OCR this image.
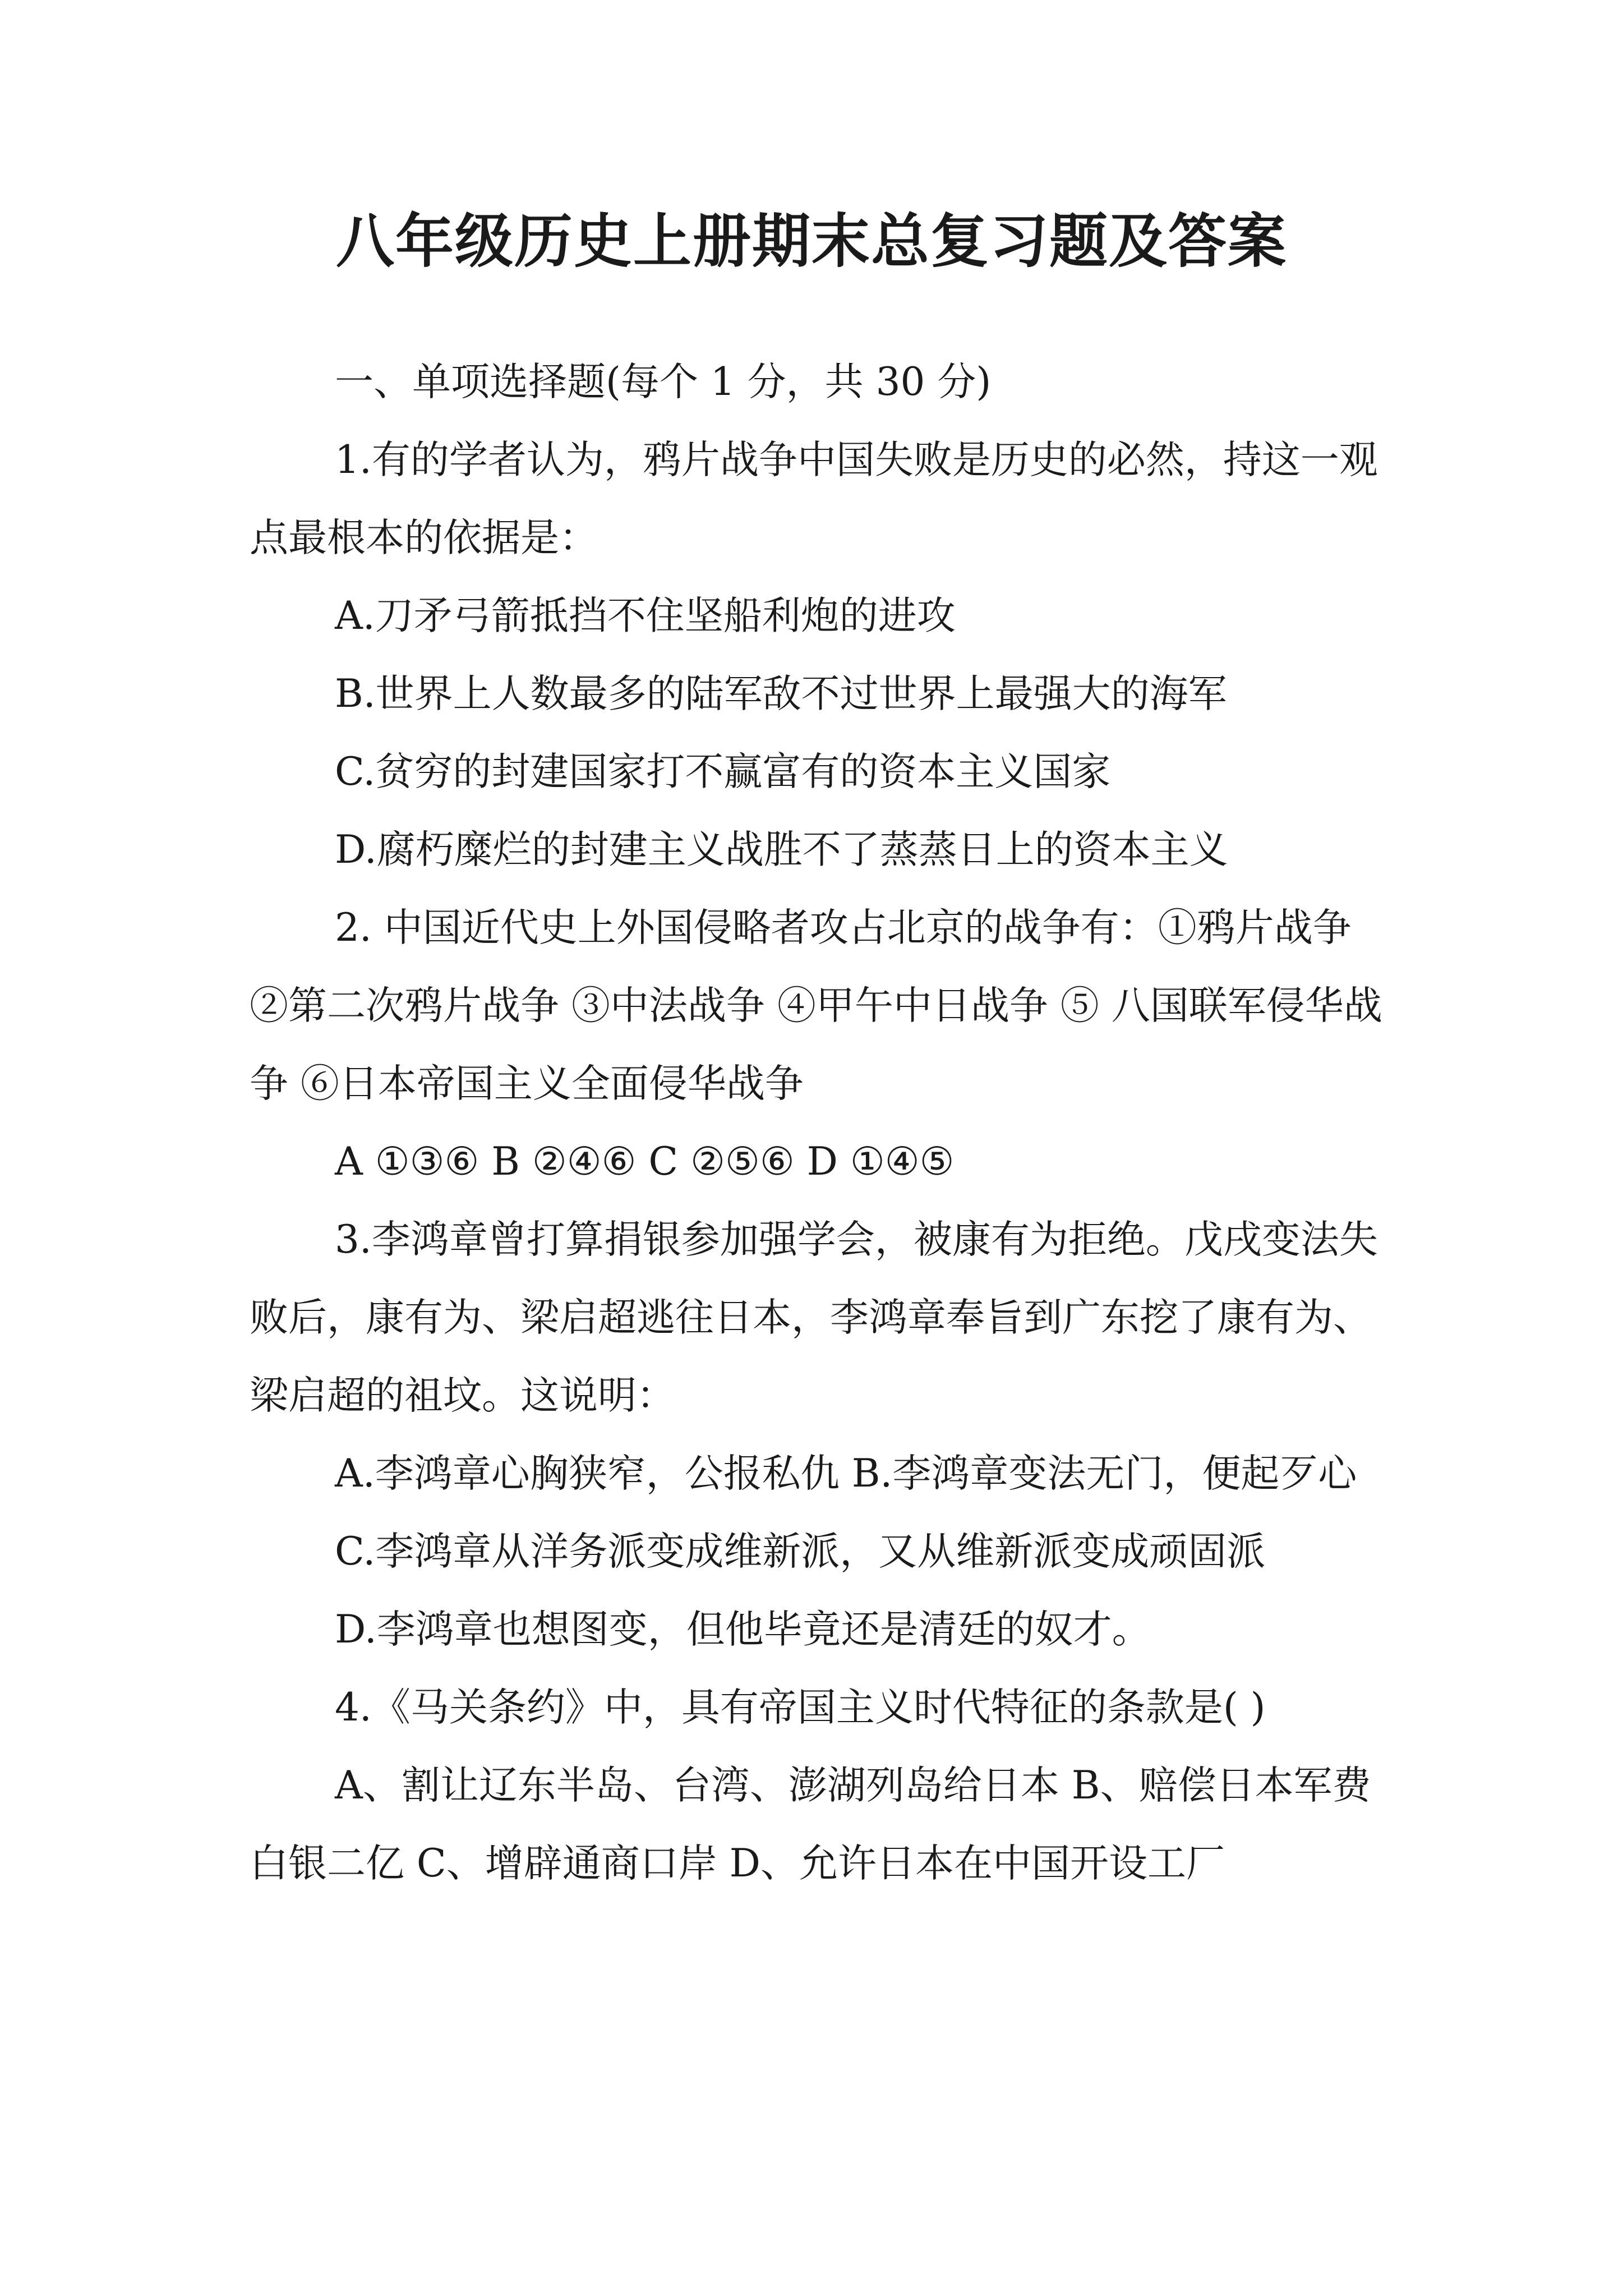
八年级历史上册期末总复习题及答案

一、单项选择题(每个 1 分，共 30 分)

1.有的学者认为，鸦片战争中国失败是历史的必然，持这一观点最根本的依据是：

A.刀矛弓箭抵挡不住坚船利炮的进攻

B.世界上人数最多的陆军敌不过世界上最强大的海军

C.贫穷的封建国家打不赢富有的资本主义国家

D.腐朽糜烂的封建主义战胜不了蒸蒸日上的资本主义

2. 中国近代史上外国侵略者攻占北京的战争有：①鸦片战争 ②第二次鸦片战争 ③中法战争 ④甲午中日战争 ⑤ 八国联军侵华战争 ⑥日本帝国主义全面侵华战争

A ①③⑥ B ②④⑥ C ②⑤⑥ D ①④⑤

3.李鸿章曾打算捐银参加强学会，被康有为拒绝。戊戌变法失败后，康有为、梁启超逃往日本，李鸿章奉旨到广东挖了康有为、梁启超的祖坟。这说明：

A.李鸿章心胸狭窄，公报私仇 B.李鸿章变法无门，便起歹心

C.李鸿章从洋务派变成维新派，又从维新派变成顽固派

D.李鸿章也想图变，但他毕竟还是清廷的奴才。

4.《马关条约》中，具有帝国主义时代特征的条款是( )

A、割让辽东半岛、台湾、澎湖列岛给日本 B、赔偿日本军费白银二亿 C、增辟通商口岸 D、允许日本在中国开设工厂
